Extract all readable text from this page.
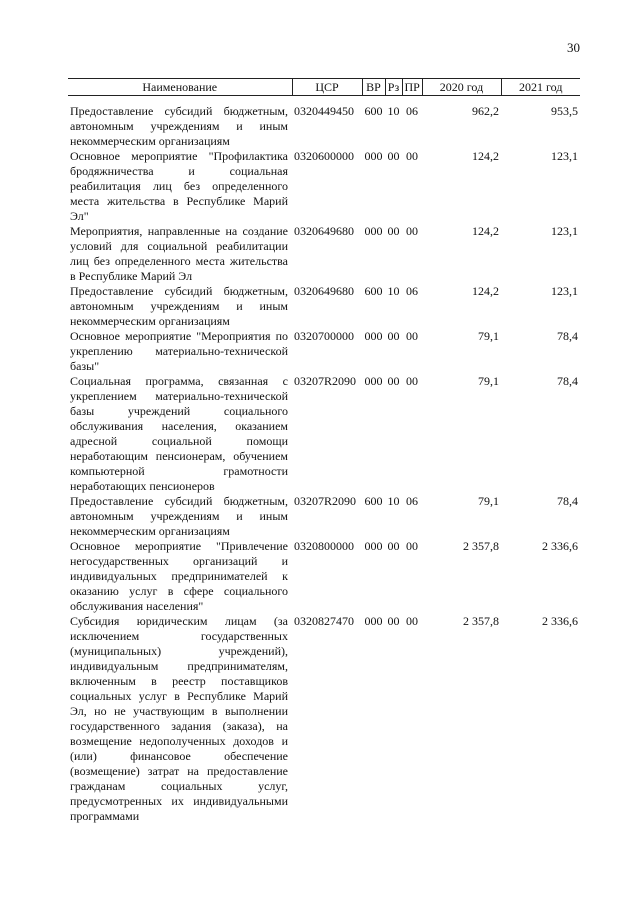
30
Наименование	ЦСР	ВР	Рз	ПР	2020 год	2021 год
Предоставление субсидий бюджетным, автономным учреждениям и иным некоммерческим организациям	0320449450	600	10	06	962,2	953,5
Основное мероприятие "Профилактика бродяжничества и социальная реабилитация лиц без определенного места жительства в Республике Марий Эл"	0320600000	000	00	00	124,2	123,1
Мероприятия, направленные на создание условий для социальной реабилитации лиц без определенного места жительства в Республике Марий Эл	0320649680	000	00	00	124,2	123,1
Предоставление субсидий бюджетным, автономным учреждениям и иным некоммерческим организациям	0320649680	600	10	06	124,2	123,1
Основное мероприятие "Мероприятия по укреплению материально-технической базы"	0320700000	000	00	00	79,1	78,4
Социальная программа, связанная с укреплением материально-технической базы учреждений социального обслуживания населения, оказанием адресной социальной помощи неработающим пенсионерам, обучением компьютерной грамотности неработающих пенсионеров	03207R2090	000	00	00	79,1	78,4
Предоставление субсидий бюджетным, автономным учреждениям и иным некоммерческим организациям	03207R2090	600	10	06	79,1	78,4
Основное мероприятие "Привлечение негосударственных организаций и индивидуальных предпринимателей к оказанию услуг в сфере социального обслуживания населения"	0320800000	000	00	00	2 357,8	2 336,6
Субсидия юридическим лицам (за исключением государственных (муниципальных) учреждений), индивидуальным предпринимателям, включенным в реестр поставщиков социальных услуг в Республике Марий Эл, но не участвующим в выполнении государственного задания (заказа), на возмещение недополученных доходов и (или) финансовое обеспечение (возмещение) затрат на предоставление гражданам социальных услуг, предусмотренных их индивидуальными программами	0320827470	000	00	00	2 357,8	2 336,6
